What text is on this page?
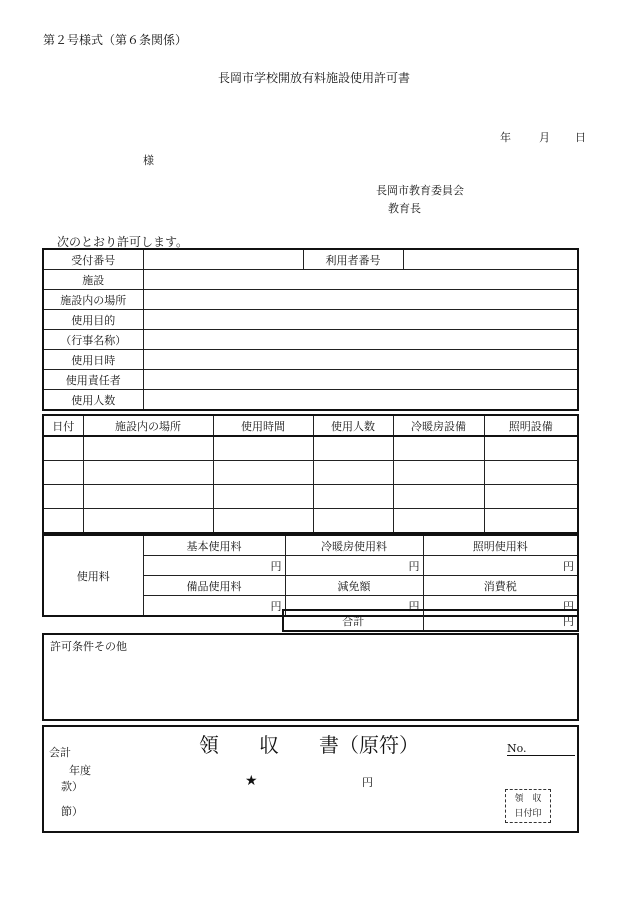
第２号様式（第６条関係）
長岡市学校開放有料施設使用許可書
年	月 日
様
長岡市教育委員会
教育長
次のとおり許可します。
受付番号		利用者番号	
施設			
施設内の場所			
使用目的			
（行事名称）			
使用日時			
使用責任者			
使用人数			
日付	施設内の場所	使用時間	使用人数	冷暖房設備	照明設備

使用料	基本使用料	冷暖房使用料	照明使用料
	円	円	円
	備品使用料	減免額	消費税
	円	円	円
合計	円
許可条件その他
領　　収　　書（原符）	No.
会計
年度
款）
節）
★	円
領　収
日付印
